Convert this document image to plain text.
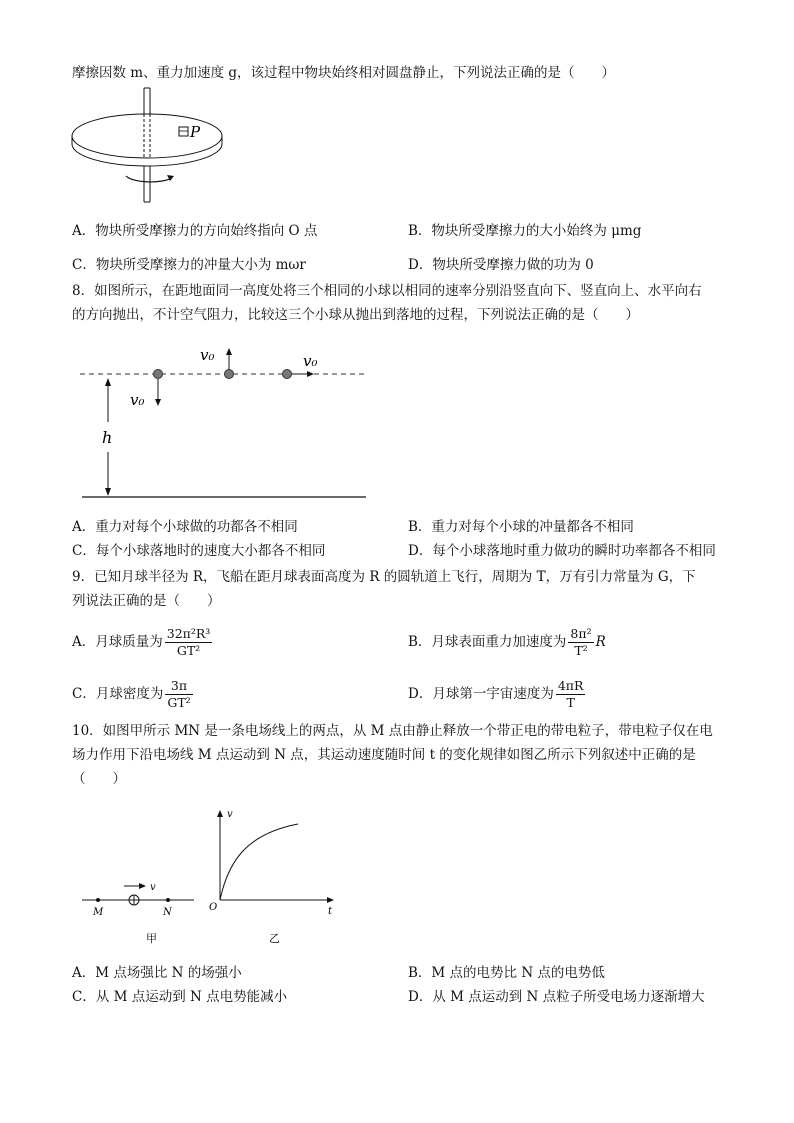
摩擦因数 m、重力加速度 g，该过程中物块始终相对圆盘静止，下列说法正确的是（　　）
P
A．物块所受摩擦力的方向始终指向 O 点	B．物块所受摩擦力的大小始终为 μmg
C．物块所受摩擦力的冲量大小为 mωr	D．物块所受摩擦力做的功为 0
8．如图所示，在距地面同一高度处将三个相同的小球以相同的速率分别沿竖直向下、竖直向上、水平向右
的方向抛出，不计空气阻力，比较这三个小球从抛出到落地的过程，下列说法正确的是（　　）
v₀
v₀	v₀
h
A．重力对每个小球做的功都各不相同	B．重力对每个小球的冲量都各不相同
C．每个小球落地时的速度大小都各不相同	D．每个小球落地时重力做功的瞬时功率都各不相同
9．已知月球半径为 R，飞船在距月球表面高度为 R 的圆轨道上飞行，周期为 T，万有引力常量为 G，下
列说法正确的是（　　）
A．月球质量为 $\frac{\text{32π²R³}}{\text{GT²}}$	B．月球表面重力加速度为 $\frac{\text{8π²}}{\text{T²}}$ R
C．月球密度为 $\frac{3\pi}{\text{GT²}}$	D．月球第一宇宙速度为 $\frac{4\pi R}{T}$
10．如图甲所示 MN 是一条电场线上的两点，从 M 点由静止释放一个带正电的带电粒子，带电粒子仅在电
场力作用下沿电场线 M 点运动到 N 点，其运动速度随时间 t 的变化规律如图乙所示下列叙述中正确的是
（　　）
v
M	N
甲
v
O	t
乙
A．M 点场强比 N 的场强小	B．M 点的电势比 N 点的电势低
C．从 M 点运动到 N 点电势能减小	D．从 M 点运动到 N 点粒子所受电场力逐渐增大
